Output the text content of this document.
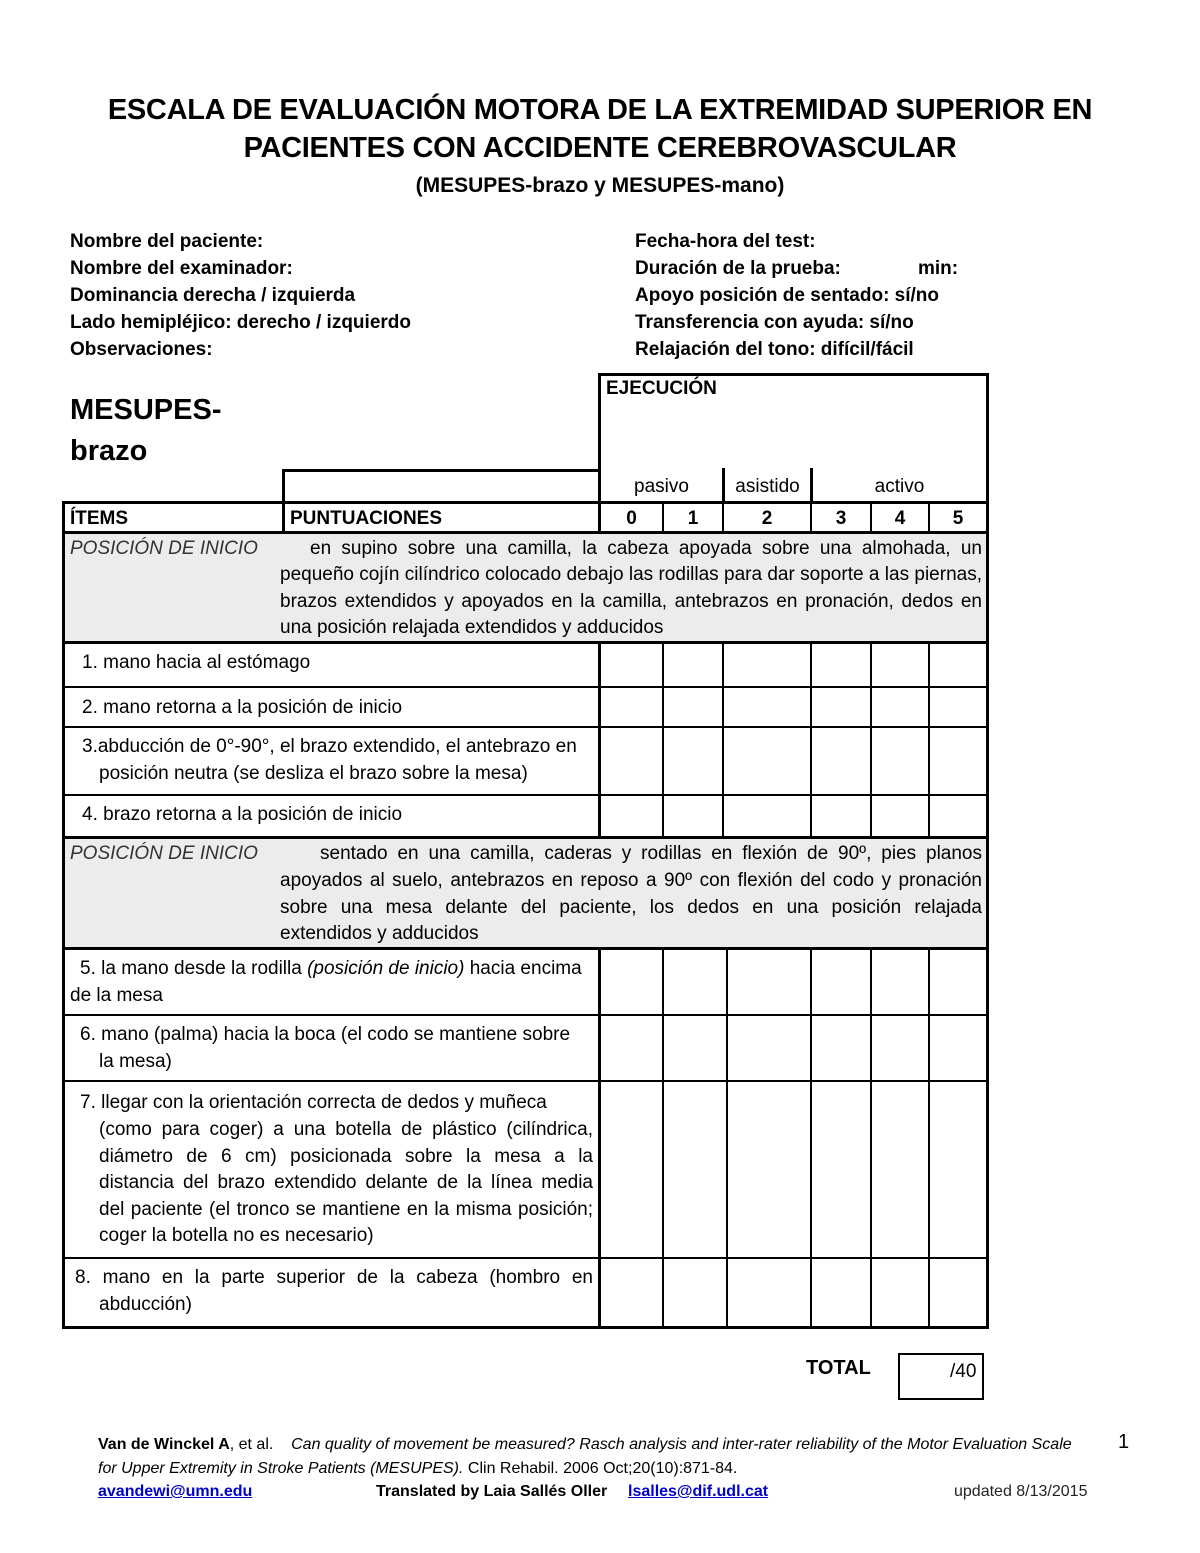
ESCALA DE EVALUACIÓN MOTORA DE LA EXTREMIDAD SUPERIOR EN
PACIENTES CON ACCIDENTE CEREBROVASCULAR
(MESUPES-brazo y MESUPES-mano)
Nombre del paciente:
Nombre del examinador:
Dominancia derecha / izquierda
Lado hemipléjico: derecho / izquierdo
Observaciones:
Fecha-hora del test:
Duración de la prueba:
Apoyo posición de sentado: sí/no
Transferencia con ayuda: sí/no
Relajación del tono: difícil/fácil
min:
MESUPES-
brazo
EJECUCIÓN
pasivo	asistido	activo
ÍTEMS	PUNTUACIONES	0	1	2	3	4	5
POSICIÓN DE INICIO	en supino sobre una camilla, la cabeza apoyada sobre una almohada, un
pequeño cojín cilíndrico colocado debajo las rodillas para dar soporte a las piernas, brazos extendidos y apoyados en la camilla, antebrazos en pronación, dedos en una posición relajada extendidos y adducidos
1. mano hacia al estómago
2. mano retorna a la posición de inicio
3.abducción de 0°-90°, el brazo extendido, el antebrazo en
posición neutra (se desliza el brazo sobre la mesa)
4. brazo retorna a la posición de inicio
POSICIÓN DE INICIO	sentado en una camilla, caderas y rodillas en flexión de 90º, pies planos
apoyados al suelo, antebrazos en reposo a 90º con flexión del codo y pronación sobre una mesa delante del paciente, los dedos en una posición relajada extendidos y adducidos
5. la mano desde la rodilla (posición de inicio) hacia encima
de la mesa
6. mano (palma) hacia la boca (el codo se mantiene sobre
la mesa)
7. llegar con la orientación correcta de dedos y muñeca
(como para coger) a una botella de plástico (cilíndrica, diámetro de 6 cm) posicionada sobre la mesa a la distancia del brazo extendido delante de la línea media del paciente (el tronco se mantiene en la misma posición; coger la botella no es necesario)
8. mano en la parte superior de la cabeza (hombro en
abducción)
TOTAL	/40
Van de Winckel A, et al. Can quality of movement be measured? Rasch analysis and inter-rater reliability of the Motor Evaluation Scale
for Upper Extremity in Stroke Patients (MESUPES). Clin Rehabil. 2006 Oct;20(10):871-84.
1
avandewi@umn.edu	Translated by Laia Sallés Oller lsalles@dif.udl.cat	updated 8/13/2015
